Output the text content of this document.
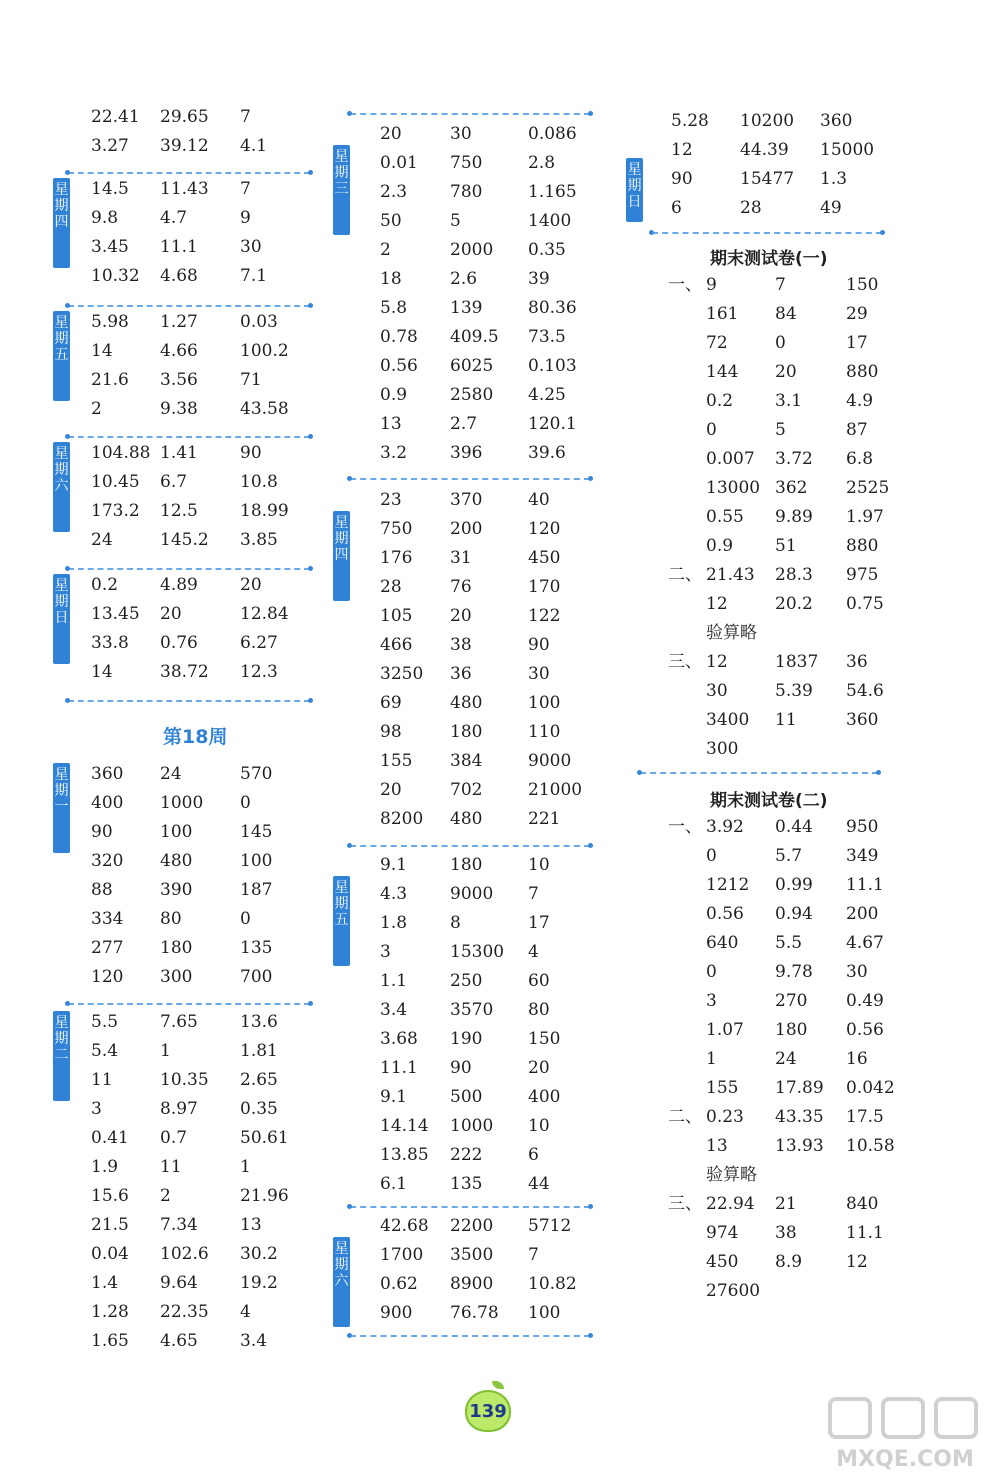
22.41 29.65 7
3.27 39.12 4.1
14.5 11.43 7
9.8 4.7	9
3.45 11.1 30
10.32 4.68 7.1
星
期
四
5.98 1.27 0.03
14	4.66 100.2
21.6 3.56 71
2	9.38 43.58
星
期
五
104.88 1.41 90
10.45 6.7	10.8
173.2 12.5 18.99
24	145.2 3.85
星
期
六
0.2 4.89 20
13.45 20	12.84
33.8 0.76 6.27
14	38.72 12.3
星
期
日
360 24	570
400 1000 0
90	100	145
320 480	100
88	390	187
334 80	0
277 180	135
120 300	700
星
期
一
第18周
5.5 7.65 13.6
5.4 1	1.81
11	10.35 2.65
3	8.97 0.35
0.41 0.7	50.61
1.9 11	1
15.6 2	21.96
21.5 7.34 13
0.04 102.6 30.2
1.4 9.64 19.2
1.28 22.35 4
1.65 4.65 3.4
星
期
二
20	30	0.086
0.01 750	2.8
2.3	780	1.165
50	5	1400
2	2000 0.35
18	2.6	39
5.8	139	80.36
0.78 409.5 73.5
0.56 6025 0.103
0.9	2580 4.25
13	2.7	120.1
3.2	396	39.6
星
期
三
23	370	40
750 200	120
176 31	450
28	76	170
105 20	122
466 38	90
3250 36	30
69	480	100
98	180	110
155 384	9000
20	702	21000
8200 480	221
星
期
四
9.1	180	10
4.3	9000 7
1.8	8	17
3	15300 4
1.1	250	60
3.4	3570 80
3.68 190	150
11.1 90	20
9.1	500	400
14.14 1000 10
13.85 222	6
6.1	135	44
星
期
五
42.68 2200 5712
1700 3500 7
0.62 8900 10.82
900 76.78 100
星
期
六
5.28 10200 360
12	44.39 15000
90	15477 1.3
6	28	49
星
期
日
期末测试卷(一)
一、 9	7	150
161 84	29
72	0	17
144 20	880
0.2 3.1	4.9
0	5	87
0.007 3.72 6.8
13000 362 2525
0.55 9.89 1.97
0.9 51	880
二、 21.43 28.3 975
12	20.2 0.75
验算略
三、 12	1837 36
30	5.39 54.6
3400 11	360
300
期末测试卷(二)
一、 3.92 0.44 950
0	5.7	349
1212 0.99 11.1
0.56 0.94 200
640 5.5	4.67
0	9.78 30
3	270 0.49
1.07 180 0.56
1	24	16
155 17.89 0.042
二、 0.23 43.35 17.5
13	13.93 10.58
验算略
三、 22.94 21	840
974 38	11.1
450 8.9	12
27600
139
MXQE.COM
